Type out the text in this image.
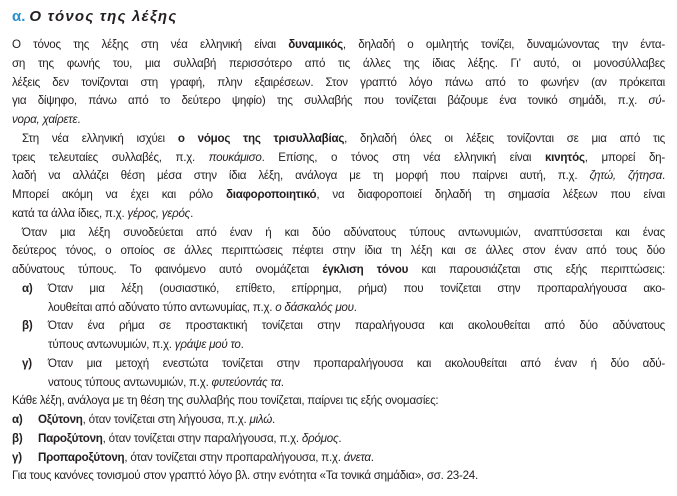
α. Ο τόνος της λέξης
Ο τόνος της λέξης στη νέα ελληνική είναι δυναμικός, δηλαδή ο ομιλητής τονίζει, δυναμώνοντας την έντα-
ση της φωνής του, μια συλλαβή περισσότερο από τις άλλες της ίδιας λέξης. Γι’ αυτό, οι μονοσύλλαβες
λέξεις δεν τονίζονται στη γραφή, πλην εξαιρέσεων. Στον γραπτό λόγο πάνω από το φωνήεν (αν πρόκειται
για δίψηφο, πάνω από το δεύτερο ψηφίο) της συλλαβής που τονίζεται βάζουμε ένα τονικό σημάδι, π.χ. σύ-
νορα, χαίρετε.
Στη νέα ελληνική ισχύει ο νόμος της τρισυλλαβίας, δηλαδή όλες οι λέξεις τονίζονται σε μια από τις
τρεις τελευταίες συλλαβές, π.χ. πουκάμισο. Επίσης, ο τόνος στη νέα ελληνική είναι κινητός, μπορεί δη-
λαδή να αλλάζει θέση μέσα στην ίδια λέξη, ανάλογα με τη μορφή που παίρνει αυτή, π.χ. ζητώ, ζήτησα.
Μπορεί ακόμη να έχει και ρόλο διαφοροποιητικό, να διαφοροποιεί δηλαδή τη σημασία λέξεων που είναι
κατά τα άλλα ίδιες, π.χ. γέρος, γερός.
Όταν μια λέξη συνοδεύεται από έναν ή και δύο αδύνατους τύπους αντωνυμιών, αναπτύσσεται και ένας
δεύτερος τόνος, ο οποίος σε άλλες περιπτώσεις πέφτει στην ίδια τη λέξη και σε άλλες στον έναν από τους δύο
αδύνατους τύπους. Το φαινόμενο αυτό ονομάζεται έγκλιση τόνου και παρουσιάζεται στις εξής περιπτώσεις:
α) Όταν μια λέξη (ουσιαστικό, επίθετο, επίρρημα, ρήμα) που τονίζεται στην προπαραλήγουσα ακο-
λουθείται από αδύνατο τύπο αντωνυμίας, π.χ. ο δάσκαλός μου.
β) Όταν ένα ρήμα σε προστακτική τονίζεται στην παραλήγουσα και ακολουθείται από δύο αδύνατους
τύπους αντωνυμιών, π.χ. γράψε μού το.
γ) Όταν μια μετοχή ενεστώτα τονίζεται στην προπαραλήγουσα και ακολουθείται από έναν ή δύο αδύ-
νατους τύπους αντωνυμιών, π.χ. φυτεύοντάς τα.
Κάθε λέξη, ανάλογα με τη θέση της συλλαβής που τονίζεται, παίρνει τις εξής ονομασίες:
α) Οξύτονη, όταν τονίζεται στη λήγουσα, π.χ. μιλώ.
β) Παροξύτονη, όταν τονίζεται στην παραλήγουσα, π.χ. δρόμος.
γ) Προπαροξύτονη, όταν τονίζεται στην προπαραλήγουσα, π.χ. άνετα.
Για τους κανόνες τονισμού στον γραπτό λόγο βλ. στην ενότητα «Τα τονικά σημάδια», σσ. 23-24.
